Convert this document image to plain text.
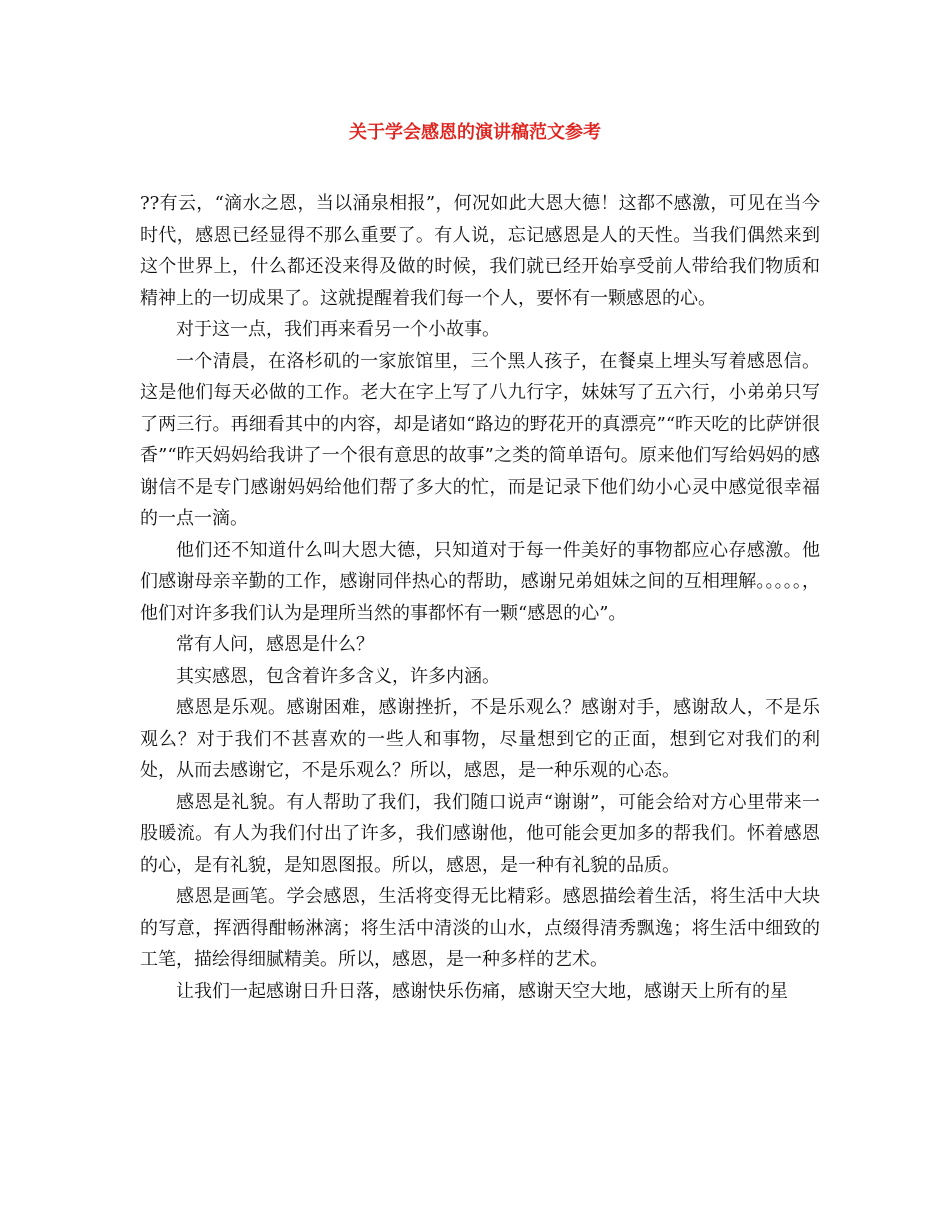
关于学会感恩的演讲稿范文参考

??有云，“滴水之恩，当以涌泉相报”，何况如此大恩大德！这都不感激，可见在当今时代，感恩已经显得不那么重要了。有人说，忘记感恩是人的天性。当我们偶然来到这个世界上，什么都还没来得及做的时候，我们就已经开始享受前人带给我们物质和精神上的一切成果了。这就提醒着我们每一个人，要怀有一颗感恩的心。

对于这一点，我们再来看另一个小故事。

一个清晨，在洛杉矶的一家旅馆里，三个黑人孩子，在餐桌上埋头写着感恩信。这是他们每天必做的工作。老大在字上写了八九行字，妹妹写了五六行，小弟弟只写了两三行。再细看其中的内容，却是诸如“路边的野花开的真漂亮”“昨天吃的比萨饼很香”“昨天妈妈给我讲了一个很有意思的故事”之类的简单语句。原来他们写给妈妈的感谢信不是专门感谢妈妈给他们帮了多大的忙，而是记录下他们幼小心灵中感觉很幸福的一点一滴。

他们还不知道什么叫大恩大德，只知道对于每一件美好的事物都应心存感激。他们感谢母亲辛勤的工作，感谢同伴热心的帮助，感谢兄弟姐妹之间的互相理解。。。。。，他们对许多我们认为是理所当然的事都怀有一颗“感恩的心”。

常有人问，感恩是什么？

其实感恩，包含着许多含义，许多内涵。

感恩是乐观。感谢困难，感谢挫折，不是乐观么？感谢对手，感谢敌人，不是乐观么？对于我们不甚喜欢的一些人和事物，尽量想到它的正面，想到它对我们的利处，从而去感谢它，不是乐观么？所以，感恩，是一种乐观的心态。

感恩是礼貌。有人帮助了我们，我们随口说声“谢谢”，可能会给对方心里带来一股暖流。有人为我们付出了许多，我们感谢他，他可能会更加多的帮我们。怀着感恩的心，是有礼貌，是知恩图报。所以，感恩，是一种有礼貌的品质。

感恩是画笔。学会感恩，生活将变得无比精彩。感恩描绘着生活，将生活中大块的写意，挥洒得酣畅淋漓；将生活中清淡的山水，点缀得清秀飘逸；将生活中细致的工笔，描绘得细腻精美。所以，感恩，是一种多样的艺术。

让我们一起感谢日升日落，感谢快乐伤痛，感谢天空大地，感谢天上所有的星
